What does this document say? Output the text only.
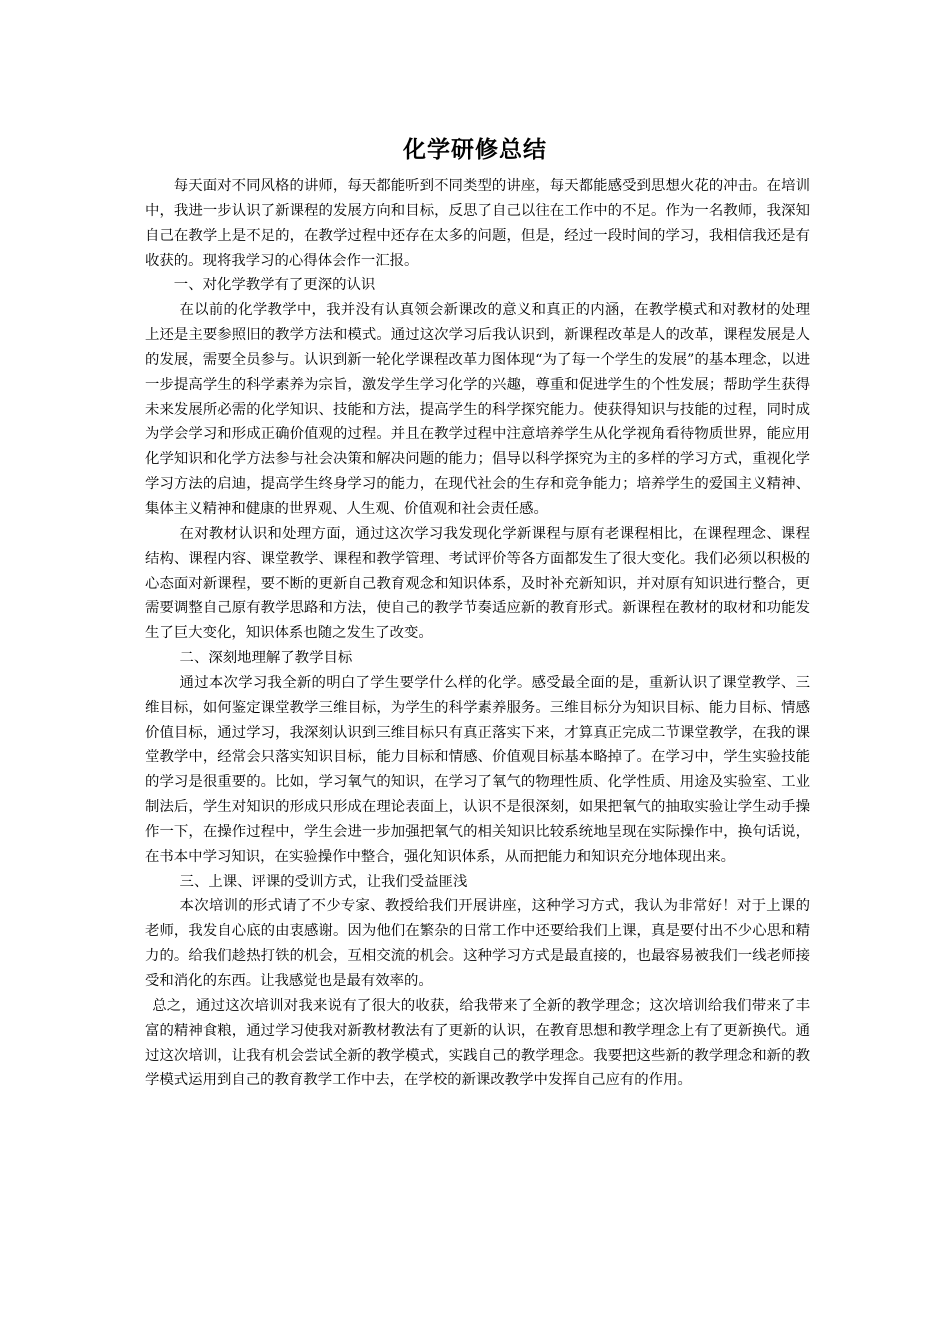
化学研修总结

每天面对不同风格的讲师，每天都能听到不同类型的讲座，每天都能感受到思想火花的冲击。在培训中，我进一步认识了新课程的发展方向和目标，反思了自己以往在工作中的不足。作为一名教师，我深知自己在教学上是不足的，在教学过程中还存在太多的问题，但是，经过一段时间的学习，我相信我还是有收获的。现将我学习的心得体会作一汇报。

一、对化学教学有了更深的认识

在以前的化学教学中，我并没有认真领会新课改的意义和真正的内涵，在教学模式和对教材的处理上还是主要参照旧的教学方法和模式。通过这次学习后我认识到，新课程改革是人的改革，课程发展是人的发展，需要全员参与。认识到新一轮化学课程改革力图体现“为了每一个学生的发展”的基本理念，以进一步提高学生的科学素养为宗旨，激发学生学习化学的兴趣，尊重和促进学生的个性发展；帮助学生获得未来发展所必需的化学知识、技能和方法，提高学生的科学探究能力。使获得知识与技能的过程，同时成为学会学习和形成正确价值观的过程。并且在教学过程中注意培养学生从化学视角看待物质世界，能应用化学知识和化学方法参与社会决策和解决问题的能力；倡导以科学探究为主的多样的学习方式，重视化学学习方法的启迪，提高学生终身学习的能力，在现代社会的生存和竞争能力；培养学生的爱国主义精神、集体主义精神和健康的世界观、人生观、价值观和社会责任感。

在对教材认识和处理方面，通过这次学习我发现化学新课程与原有老课程相比，在课程理念、课程结构、课程内容、课堂教学、课程和教学管理、考试评价等各方面都发生了很大变化。我们必须以积极的心态面对新课程，要不断的更新自己教育观念和知识体系，及时补充新知识，并对原有知识进行整合，更需要调整自己原有教学思路和方法，使自己的教学节奏适应新的教育形式。新课程在教材的取材和功能发生了巨大变化，知识体系也随之发生了改变。

二、深刻地理解了教学目标

通过本次学习我全新的明白了学生要学什么样的化学。感受最全面的是，重新认识了课堂教学、三维目标，如何鉴定课堂教学三维目标，为学生的科学素养服务。三维目标分为知识目标、能力目标、情感价值目标，通过学习，我深刻认识到三维目标只有真正落实下来，才算真正完成二节课堂教学，在我的课堂教学中，经常会只落实知识目标，能力目标和情感、价值观目标基本略掉了。在学习中，学生实验技能的学习是很重要的。比如，学习氧气的知识，在学习了氧气的物理性质、化学性质、用途及实验室、工业制法后，学生对知识的形成只形成在理论表面上，认识不是很深刻，如果把氧气的抽取实验让学生动手操作一下，在操作过程中，学生会进一步加强把氧气的相关知识比较系统地呈现在实际操作中，换句话说，在书本中学习知识，在实验操作中整合，强化知识体系，从而把能力和知识充分地体现出来。

三、上课、评课的受训方式，让我们受益匪浅

本次培训的形式请了不少专家、教授给我们开展讲座，这种学习方式，我认为非常好！对于上课的老师，我发自心底的由衷感谢。因为他们在繁杂的日常工作中还要给我们上课，真是要付出不少心思和精力的。给我们趁热打铁的机会，互相交流的机会。这种学习方式是最直接的，也最容易被我们一线老师接受和消化的东西。让我感觉也是最有效率的。

总之，通过这次培训对我来说有了很大的收获，给我带来了全新的教学理念；这次培训给我们带来了丰富的精神食粮，通过学习使我对新教材教法有了更新的认识，在教育思想和教学理念上有了更新换代。通过这次培训，让我有机会尝试全新的教学模式，实践自己的教学理念。我要把这些新的教学理念和新的教学模式运用到自己的教育教学工作中去，在学校的新课改教学中发挥自己应有的作用。
